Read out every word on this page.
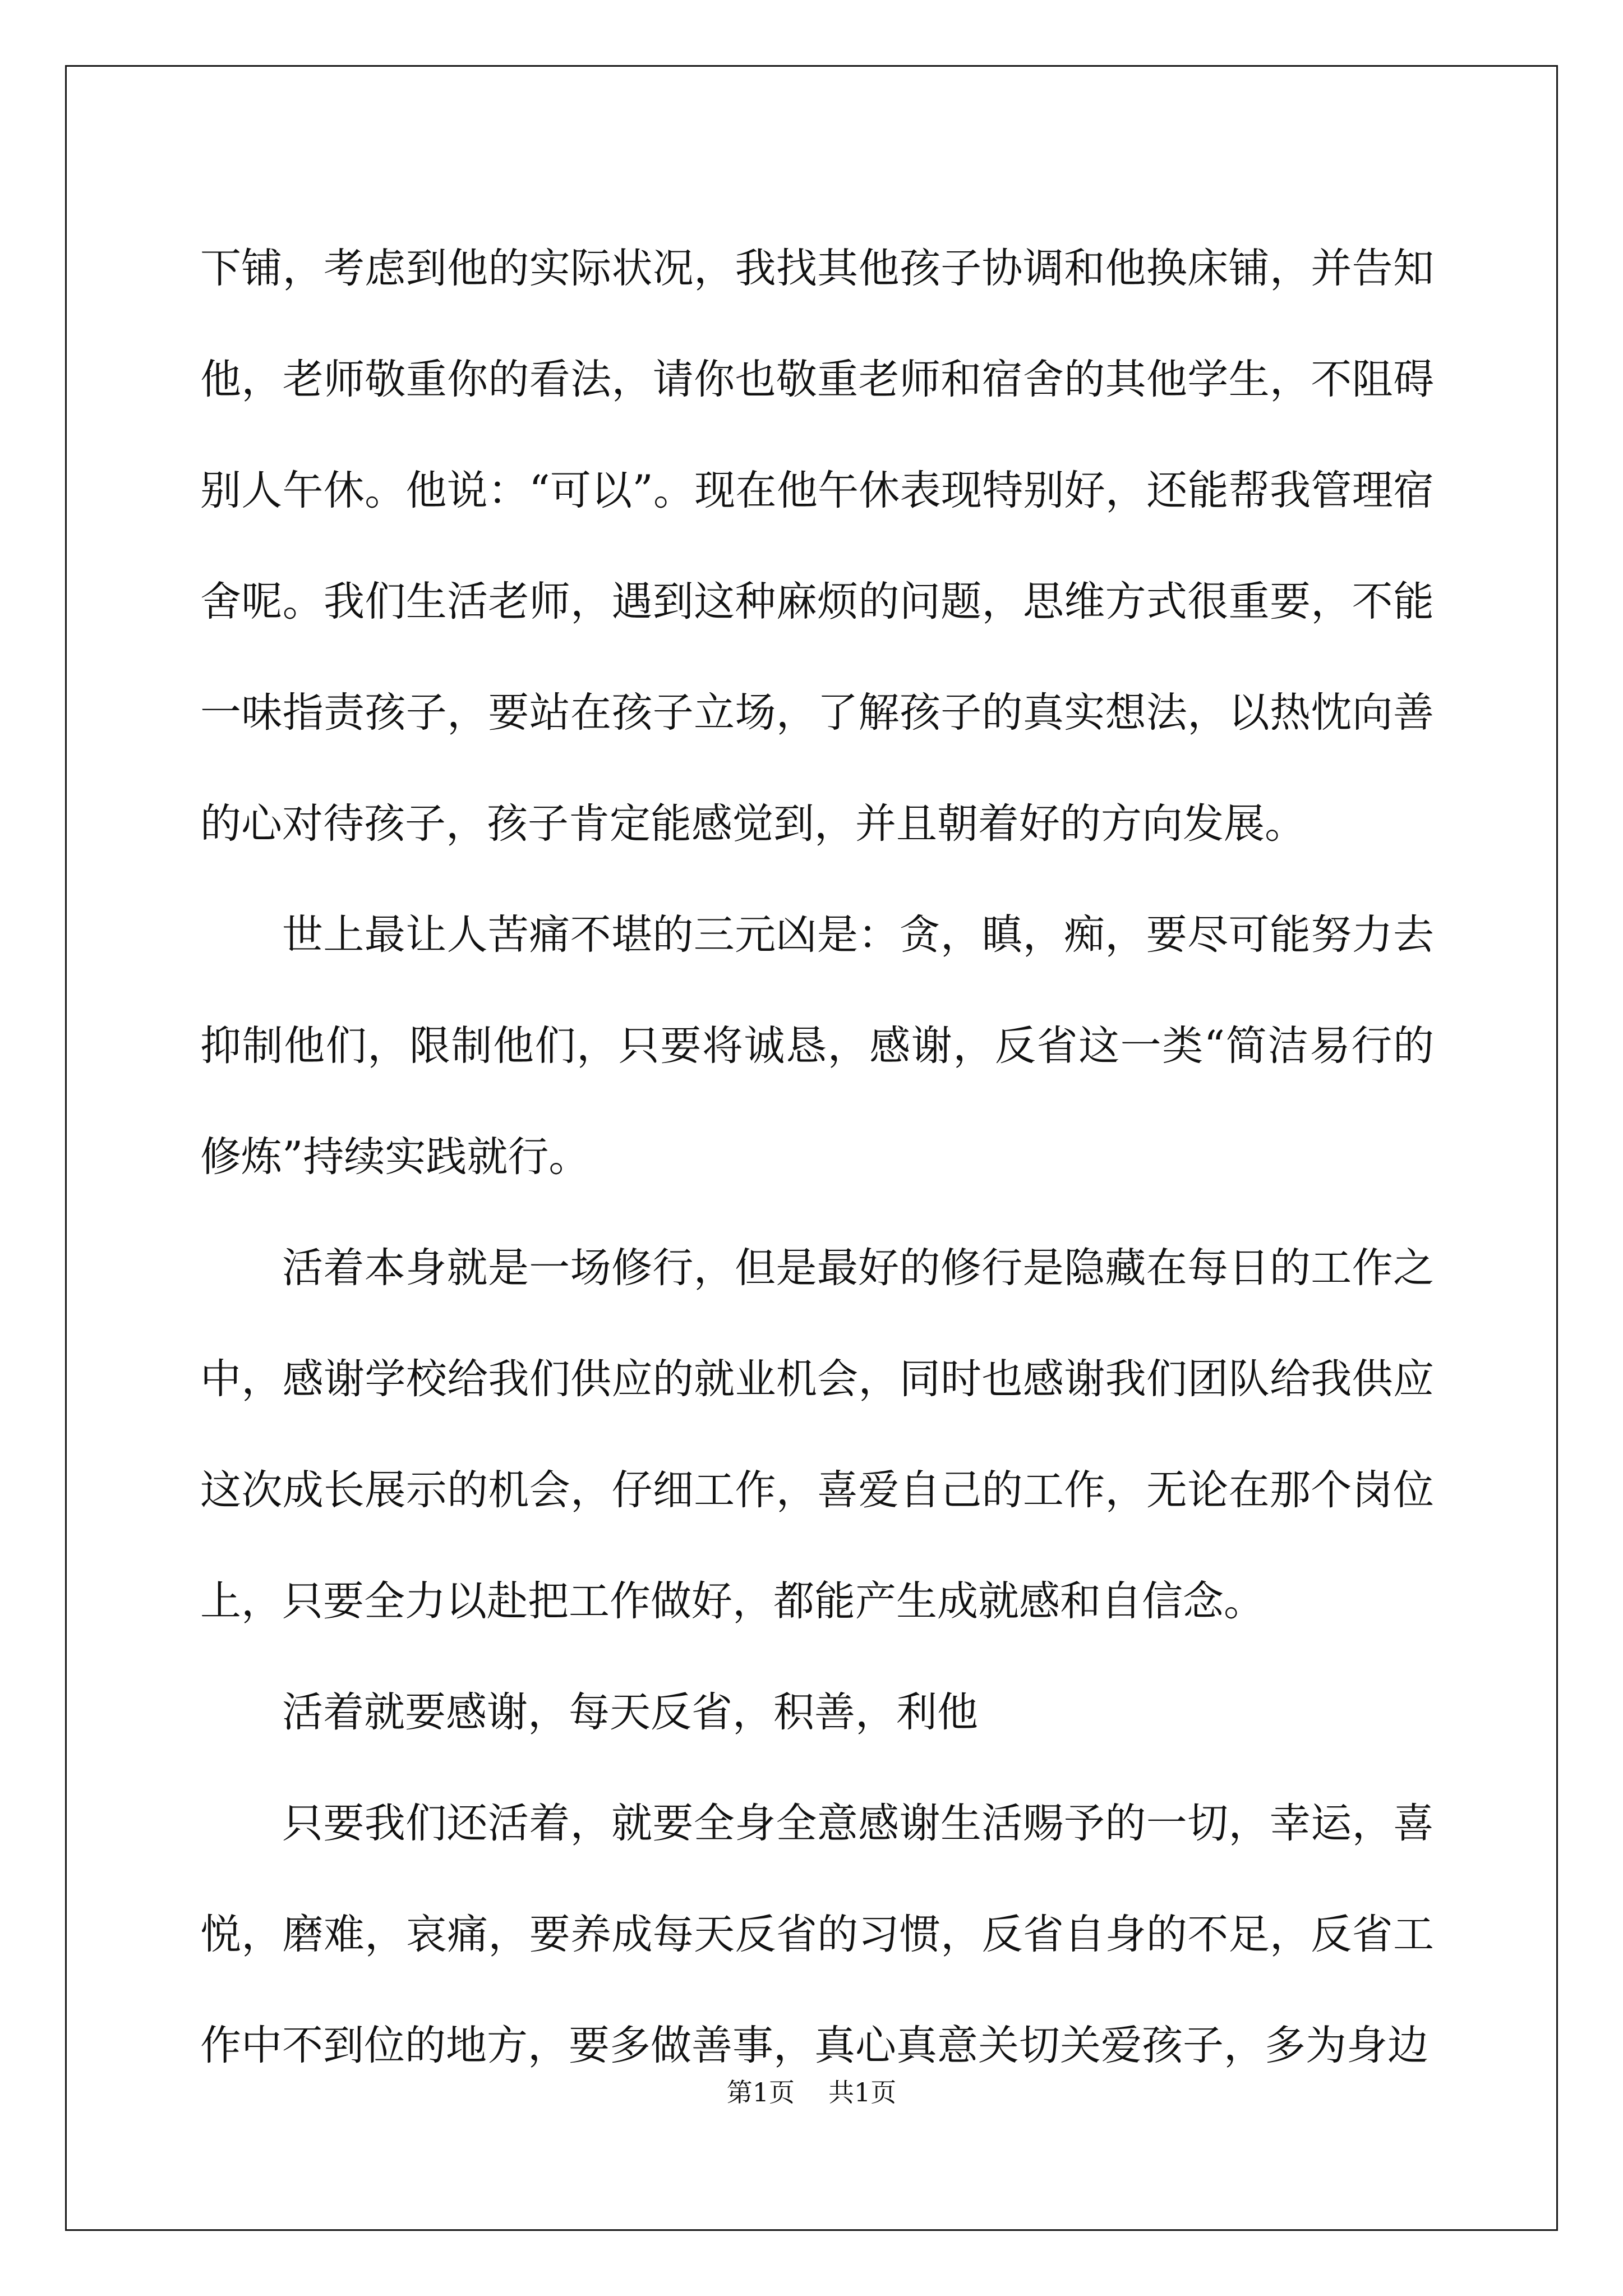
下铺，考虑到他的实际状况，我找其他孩子协调和他换床铺，并告知他，老师敬重你的看法，请你也敬重老师和宿舍的其他学生，不阻碍别人午休。他说：“可以”。现在他午休表现特别好，还能帮我管理宿舍呢。我们生活老师，遇到这种麻烦的问题，思维方式很重要，不能一味指责孩子，要站在孩子立场，了解孩子的真实想法，以热忱向善的心对待孩子，孩子肯定能感觉到，并且朝着好的方向发展。

世上最让人苦痛不堪的三元凶是：贪，瞋，痴，要尽可能努力去抑制他们，限制他们，只要将诚恳，感谢，反省这一类“简洁易行的修炼”持续实践就行。

活着本身就是一场修行，但是最好的修行是隐藏在每日的工作之中，感谢学校给我们供应的就业机会，同时也感谢我们团队给我供应这次成长展示的机会，仔细工作，喜爱自己的工作，无论在那个岗位上，只要全力以赴把工作做好，都能产生成就感和自信念。

活着就要感谢，每天反省，积善，利他

只要我们还活着，就要全身全意感谢生活赐予的一切，幸运，喜悦，磨难，哀痛，要养成每天反省的习惯，反省自身的不足，反省工作中不到位的地方，要多做善事，真心真意关切关爱孩子，多为身边

第1页 共1页
